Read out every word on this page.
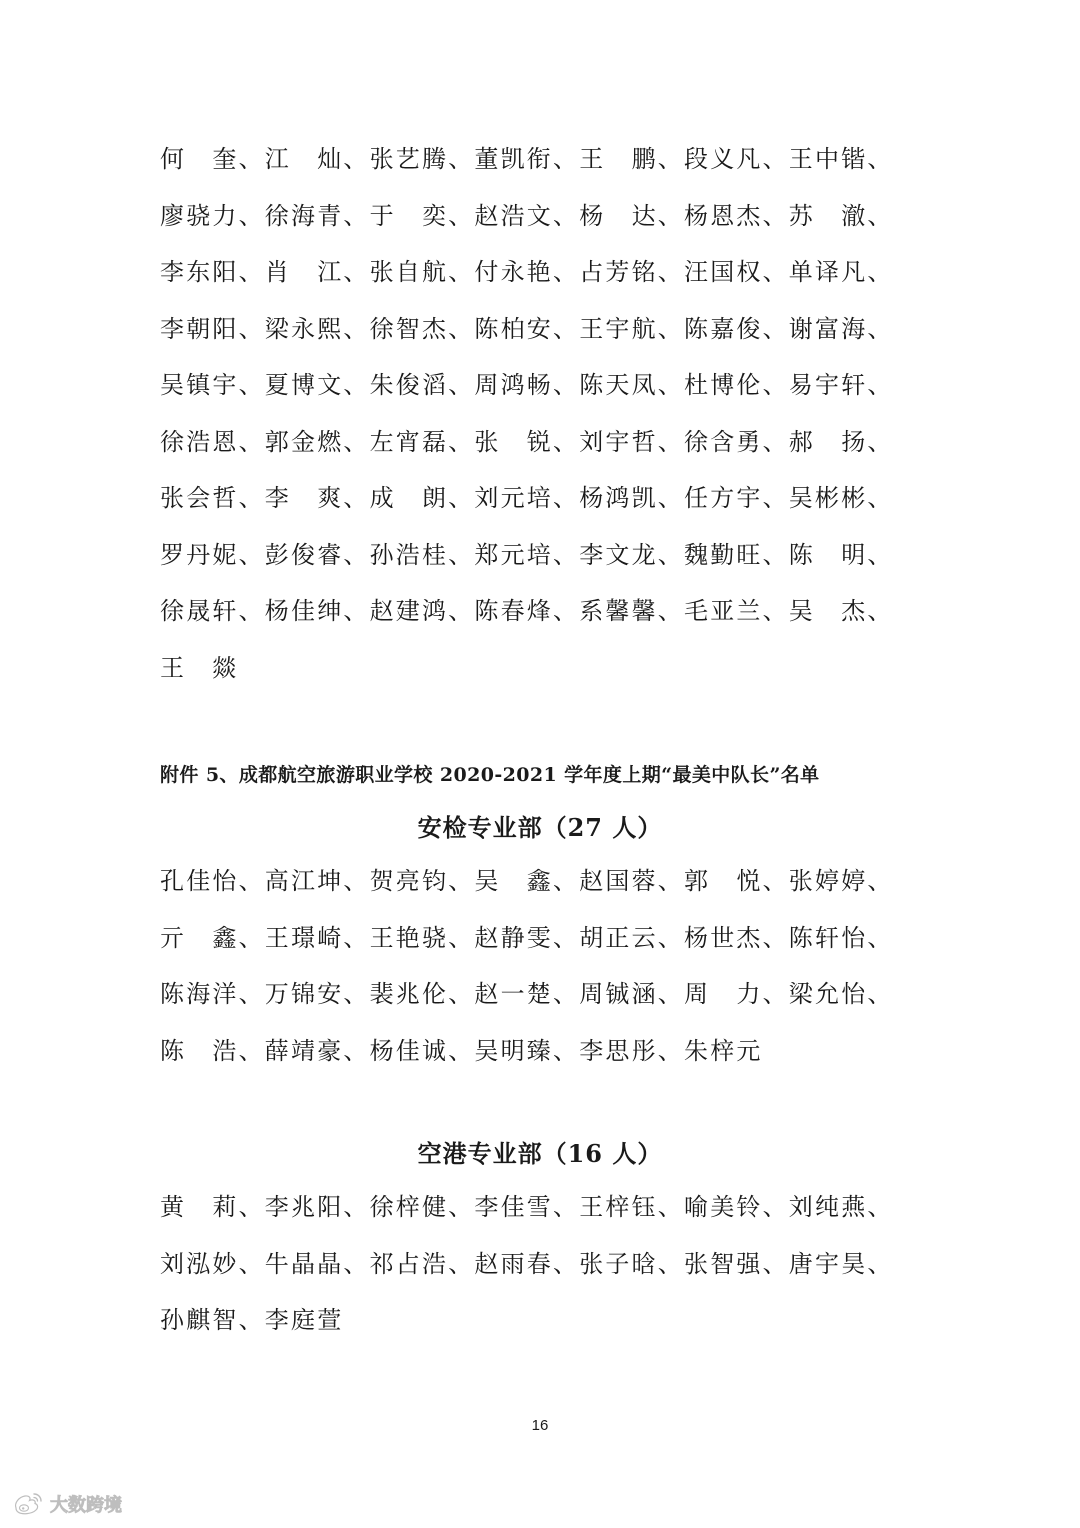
何　奎、江　灿、张艺腾、董凯衔、王　鹏、段义凡、王中锴、
廖骁力、徐海青、于　奕、赵浩文、杨　达、杨恩杰、苏　澈、
李东阳、肖　江、张自航、付永艳、占芳铭、汪国权、单译凡、
李朝阳、梁永熙、徐智杰、陈柏安、王宇航、陈嘉俊、谢富海、
吴镇宇、夏博文、朱俊滔、周鸿畅、陈天凤、杜博伦、易宇轩、
徐浩恩、郭金燃、左宵磊、张　锐、刘宇哲、徐含勇、郝　扬、
张会哲、李　爽、成　朗、刘元培、杨鸿凯、任方宇、吴彬彬、
罗丹妮、彭俊睿、孙浩桂、郑元培、李文龙、魏勤旺、陈　明、
徐晟轩、杨佳绅、赵建鸿、陈春烽、系馨馨、毛亚兰、吴　杰、
王　燚
附件 5、成都航空旅游职业学校 2020-2021 学年度上期“最美中队长”名单
安检专业部（27 人）
孔佳怡、高江坤、贺亮钧、吴　鑫、赵国蓉、郭　悦、张婷婷、
亓　鑫、王璟崎、王艳骁、赵静雯、胡正云、杨世杰、陈轩怡、
陈海洋、万锦安、裴兆伦、赵一楚、周铖涵、周　力、梁允怡、
陈　浩、薛靖豪、杨佳诚、吴明臻、李思彤、朱梓元
空港专业部（16 人）
黄　莉、李兆阳、徐梓健、李佳雪、王梓钰、喻美铃、刘纯燕、
刘泓妙、牛晶晶、祁占浩、赵雨春、张子晗、张智强、唐宇昊、
孙麒智、李庭萱
16
大数跨境
